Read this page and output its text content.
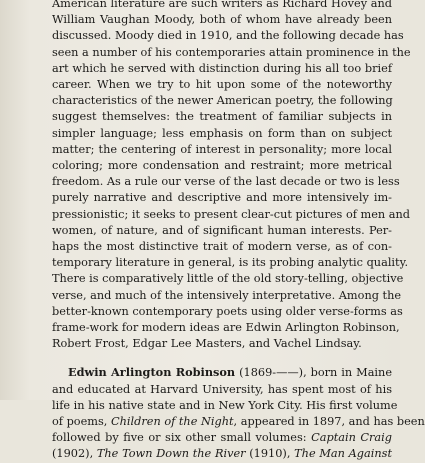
American literature are such writers as Richard Hovey and
William Vaughan Moody, both of whom have already been
discussed. Moody died in 1910, and the following decade has
seen a number of his contemporaries attain prominence in the
art which he served with distinction during his all too brief
career. When we try to hit upon some of the noteworthy
characteristics of the newer American poetry, the following
suggest themselves: the treatment of familiar subjects in
simpler language; less emphasis on form than on subject
matter; the centering of interest in personality; more local
coloring; more condensation and restraint; more metrical
freedom. As a rule our verse of the last decade or two is less
purely narrative and descriptive and more intensively im-
pressionistic; it seeks to present clear-cut pictures of men and
women, of nature, and of significant human interests. Per-
haps the most distinctive trait of modern verse, as of con-
temporary literature in general, is its probing analytic quality.
There is comparatively little of the old story-telling, objective
verse, and much of the intensively interpretative. Among the
better-known contemporary poets using older verse-forms as
frame-work for modern ideas are Edwin Arlington Robinson,
Robert Frost, Edgar Lee Masters, and Vachel Lindsay.
Edwin Arlington Robinson (1869-——), born in Maine
and educated at Harvard University, has spent most of his
life in his native state and in New York City. His first volume
of poems, Children of the Night, appeared in 1897, and has been
followed by five or six other small volumes: Captain Craig
(1902), The Town Down the River (1910), The Man Against
